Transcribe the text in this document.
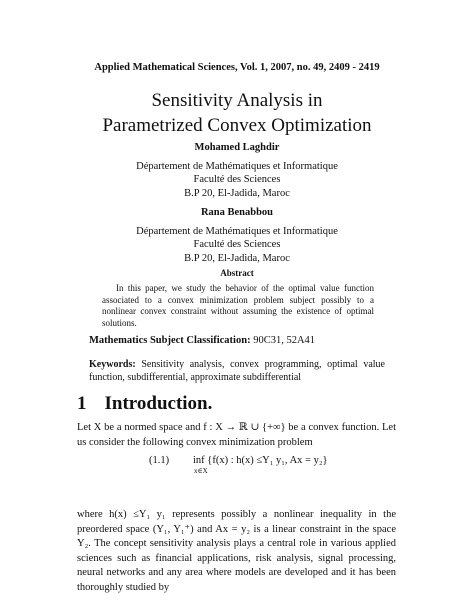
Applied Mathematical Sciences, Vol. 1, 2007, no. 49, 2409 - 2419
Sensitivity Analysis in
Parametrized Convex Optimization
Mohamed Laghdir
Département de Mathématiques et Informatique
Faculté des Sciences
B.P 20, El-Jadida, Maroc
Rana Benabbou
Département de Mathématiques et Informatique
Faculté des Sciences
B.P 20, El-Jadida, Maroc
Abstract
In this paper, we study the behavior of the optimal value function associated to a convex minimization problem subject possibly to a nonlinear convex constraint without assuming the existence of optimal solutions.
Mathematics Subject Classification: 90C31, 52A41
Keywords: Sensitivity analysis, convex programming, optimal value function, subdifferential, approximate subdifferential
1 Introduction.
Let X be a normed space and f : X → ℝ ∪ {+∞} be a convex function. Let us consider the following convex minimization problem
(1.1) inf {f(x) : h(x) ≤Y₁ y₁, Ax = y₂}
x∈X
where h(x) ≤Y₁ y₁ represents possibly a nonlinear inequality in the preordered space (Y₁, Y₁⁺) and Ax = y₂ is a linear constraint in the space Y₂. The concept sensitivity analysis plays a central role in various applied sciences such as financial applications, risk analysis, signal processing, neural networks and any area where models are developed and it has been thoroughly studied by
